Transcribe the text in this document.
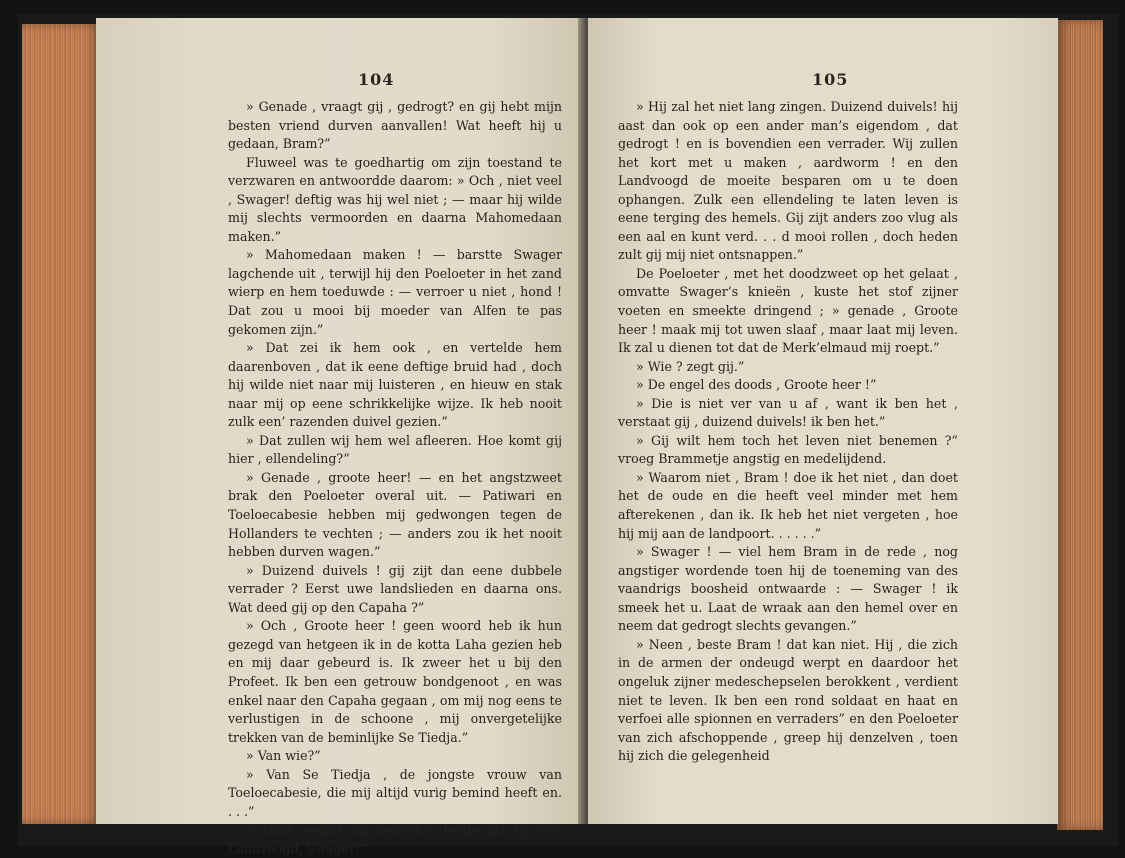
104

» Genade , vraagt gij , gedrogt? en gij hebt mijn besten vriend durven aanvallen! Wat heeft hij u gedaan, Bram?”

Fluweel was te goedhartig om zijn toestand te verzwaren en antwoordde daarom: » Och , niet veel , Swager! deftig was hij wel niet ; — maar hij wilde mij slechts vermoorden en daarna Mahomedaan maken.”

» Mahomedaan maken ! — barstte Swager lagchende uit , terwijl hij den Poeloeter in het zand wierp en hem toeduwde : — verroer u niet , hond ! Dat zou u mooi bij moeder van Alfen te pas gekomen zijn.”

» Dat zei ik hem ook , en vertelde hem daarenboven , dat ik eene deftige bruid had , doch hij wilde niet naar mij luisteren , en hieuw en stak naar mij op eene schrikkelijke wijze. Ik heb nooit zulk een’ razenden duivel gezien.”

» Dat zullen wij hem wel afleeren. Hoe komt gij hier , ellendeling?”

» Genade , groote heer! — en het angstzweet brak den Poeloeter overal uit. — Patiwari en Toeloecabesie hebben mij gedwongen tegen de Hollanders te vechten ; — anders zou ik het nooit hebben durven wagen.”

» Duizend duivels ! gij zijt dan eene dubbele verrader ? Eerst uwe landslieden en daarna ons. Wat deed gij op den Capaha ?”

» Och , Groote heer ! geen woord heb ik hun gezegd van hetgeen ik in de kotta Laha gezien heb en mij daar gebeurd is. Ik zweer het u bij den Profeet. Ik ben een getrouw bondgenoot , en was enkel naar den Capaha gegaan , om mij nog eens te verlustigen in de schoone , mij onvergetelijke trekken van de beminlijke Se Tiedja.”

» Van wie?”

» Van Se Tiedja , de jongste vrouw van Toeloecabesie, die mij altijd vurig bemind heeft en. . . .”

» Daar begint hij hetzelfde liedje als bij den Landvoogd, Swager!”

105

» Hij zal het niet lang zingen. Duizend duivels! hij aast dan ook op een ander man’s eigendom , dat gedrogt ! en is bovendien een verrader. Wij zullen het kort met u maken , aardworm ! en den Landvoogd de moeite besparen om u te doen ophangen. Zulk een ellendeling te laten leven is eene terging des hemels. Gij zijt anders zoo vlug als een aal en kunt verd. . . d mooi rollen , doch heden zult gij mij niet ontsnappen.”

De Poeloeter , met het doodzweet op het gelaat , omvatte Swager’s knieën , kuste het stof zijner voeten en smeekte dringend ; » genade , Groote heer ! maak mij tot uwen slaaf , maar laat mij leven. Ik zal u dienen tot dat de Merk’elmaud mij roept.”

» Wie ? zegt gij.”

» De engel des doods , Groote heer !”

» Die is niet ver van u af , want ik ben het , verstaat gij , duizend duivels! ik ben het.”

» Gij wilt hem toch het leven niet benemen ?” vroeg Brammetje angstig en medelijdend.

» Waarom niet , Bram ! doe ik het niet , dan doet het de oude en die heeft veel minder met hem afterekenen , dan ik. Ik heb het niet vergeten , hoe hij mij aan de landpoort. . . . . .”

» Swager ! — viel hem Bram in de rede , nog angstiger wordende toen hij de toeneming van des vaandrigs boosheid ontwaarde : — Swager ! ik smeek het u. Laat de wraak aan den hemel over en neem dat gedrogt slechts gevangen.”

» Neen , beste Bram ! dat kan niet. Hij , die zich in de armen der ondeugd werpt en daardoor het ongeluk zijner medeschepselen berokkent , verdient niet te leven. Ik ben een rond soldaat en haat en verfoei alle spionnen en verraders” en den Poeloeter van zich afschoppende , greep hij denzelven , toen hij zich die gelegenheid
